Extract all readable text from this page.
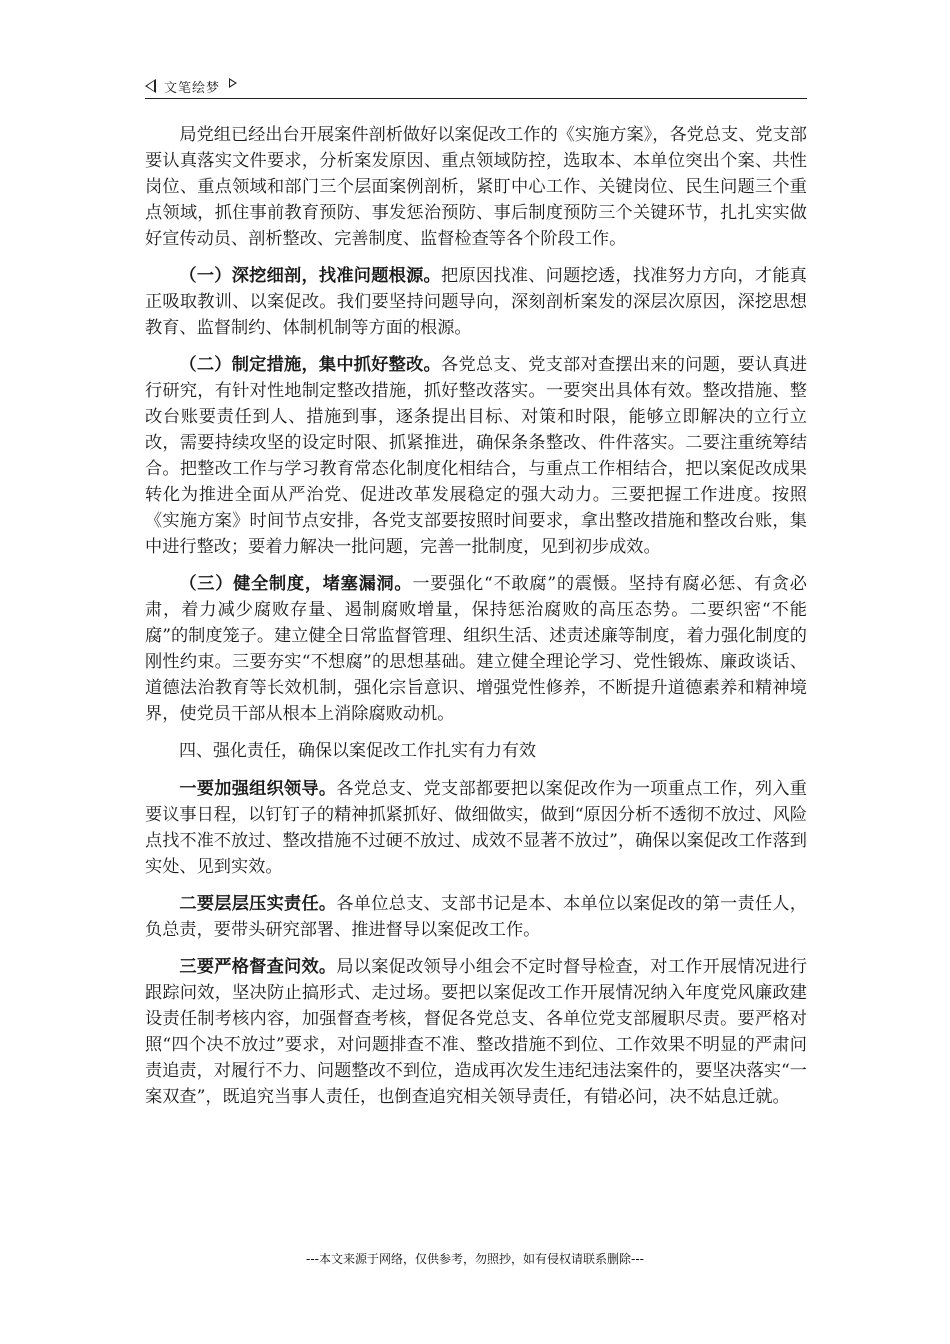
文笔绘梦

局党组已经出台开展案件剖析做好以案促改工作的《实施方案》，各党总支、党支部要认真落实文件要求，分析案发原因、重点领域防控，选取本、本单位突出个案、共性岗位、重点领域和部门三个层面案例剖析，紧盯中心工作、关键岗位、民生问题三个重点领域，抓住事前教育预防、事发惩治预防、事后制度预防三个关键环节，扎扎实实做好宣传动员、剖析整改、完善制度、监督检查等各个阶段工作。

（一）深挖细剖，找准问题根源。把原因找准、问题挖透，找准努力方向，才能真正吸取教训、以案促改。我们要坚持问题导向，深刻剖析案发的深层次原因，深挖思想教育、监督制约、体制机制等方面的根源。

（二）制定措施，集中抓好整改。各党总支、党支部对查摆出来的问题，要认真进行研究，有针对性地制定整改措施，抓好整改落实。一要突出具体有效。整改措施、整改台账要责任到人、措施到事，逐条提出目标、对策和时限，能够立即解决的立行立改，需要持续攻坚的设定时限、抓紧推进，确保条条整改、件件落实。二要注重统筹结合。把整改工作与学习教育常态化制度化相结合，与重点工作相结合，把以案促改成果转化为推进全面从严治党、促进改革发展稳定的强大动力。三要把握工作进度。按照《实施方案》时间节点安排，各党支部要按照时间要求，拿出整改措施和整改台账，集中进行整改；要着力解决一批问题，完善一批制度，见到初步成效。

（三）健全制度，堵塞漏洞。一要强化“不敢腐”的震慑。坚持有腐必惩、有贪必肃，着力减少腐败存量、遏制腐败增量，保持惩治腐败的高压态势。二要织密“不能腐”的制度笼子。建立健全日常监督管理、组织生活、述责述廉等制度，着力强化制度的刚性约束。三要夯实“不想腐”的思想基础。建立健全理论学习、党性锻炼、廉政谈话、道德法治教育等长效机制，强化宗旨意识、增强党性修养，不断提升道德素养和精神境界，使党员干部从根本上消除腐败动机。

四、强化责任，确保以案促改工作扎实有力有效

一要加强组织领导。各党总支、党支部都要把以案促改作为一项重点工作，列入重要议事日程，以钉钉子的精神抓紧抓好、做细做实，做到“原因分析不透彻不放过、风险点找不准不放过、整改措施不过硬不放过、成效不显著不放过”，确保以案促改工作落到实处、见到实效。

二要层层压实责任。各单位总支、支部书记是本、本单位以案促改的第一责任人，负总责，要带头研究部署、推进督导以案促改工作。

三要严格督查问效。局以案促改领导小组会不定时督导检查，对工作开展情况进行跟踪问效，坚决防止搞形式、走过场。要把以案促改工作开展情况纳入年度党风廉政建设责任制考核内容，加强督查考核，督促各党总支、各单位党支部履职尽责。要严格对照“四个决不放过”要求，对问题排查不准、整改措施不到位、工作效果不明显的严肃问责追责，对履行不力、问题整改不到位，造成再次发生违纪违法案件的，要坚决落实“一案双查”，既追究当事人责任，也倒查追究相关领导责任，有错必问，决不姑息迁就。

---本文来源于网络，仅供参考，勿照抄，如有侵权请联系删除---
